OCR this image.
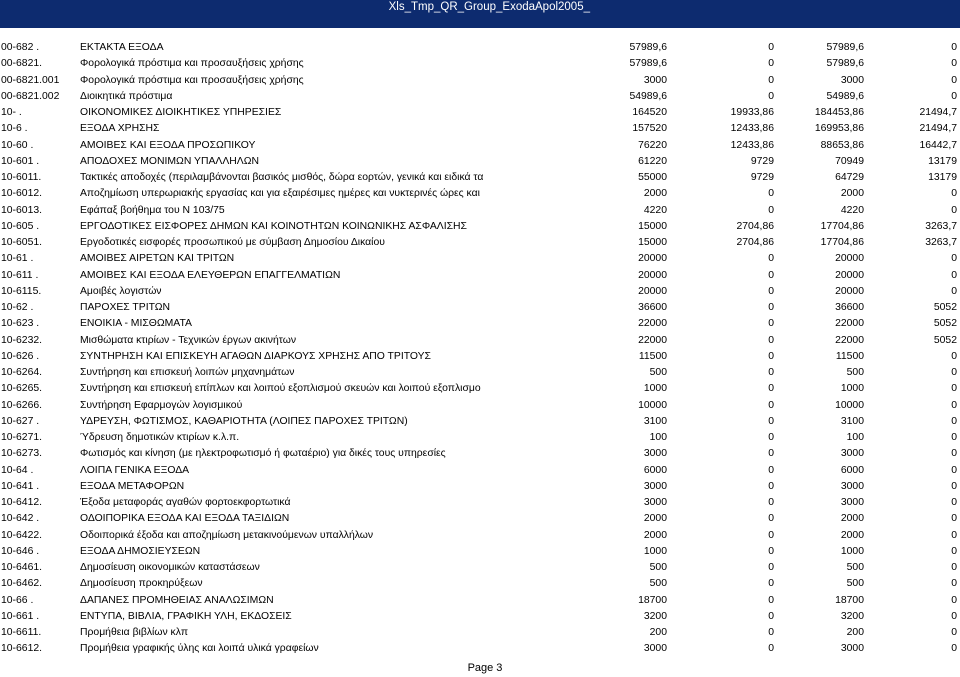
Xls_Tmp_QR_Group_ExodaApol2005_
00-682 .	ΕΚΤΑΚΤΑ ΕΞΟΔΑ	57989,6	0	57989,6	0
00-6821.	Φορολογικά πρόστιμα και προσαυξήσεις χρήσης	57989,6	0	57989,6	0
00-6821.001	Φορολογικά πρόστιμα και προσαυξήσεις χρήσης	3000	0	3000	0
00-6821.002	Διοικητικά πρόστιμα	54989,6	0	54989,6	0
10- .	ΟΙΚΟΝΟΜΙΚΕΣ ΔΙΟΙΚΗΤΙΚΕΣ ΥΠΗΡΕΣΙΕΣ	164520	19933,86	184453,86	21494,7
10-6 .	ΕΞΟΔΑ ΧΡΗΣΗΣ	157520	12433,86	169953,86	21494,7
10-60 .	ΑΜΟΙΒΕΣ ΚΑΙ ΕΞΟΔΑ ΠΡΟΣΩΠΙΚΟΥ	76220	12433,86	88653,86	16442,7
10-601 .	ΑΠΟΔΟΧΕΣ ΜΟΝΙΜΩΝ ΥΠΑΛΛΗΛΩΝ	61220	9729	70949	13179
10-6011.	Τακτικές αποδοχές (περιλαμβάνονται βασικός μισθός, δώρα εορτών, γενικά και ειδικά τα	55000	9729	64729	13179
10-6012.	Αποζημίωση υπερωριακής εργασίας και για εξαιρέσιμες ημέρες και νυκτερινές ώρες και	2000	0	2000	0
10-6013.	Εφάπαξ βοήθημα του Ν 103/75	4220	0	4220	0
10-605 .	ΕΡΓΟΔΟΤΙΚΕΣ ΕΙΣΦΟΡΕΣ ΔΗΜΩΝ ΚΑΙ ΚΟΙΝΟΤΗΤΩΝ ΚΟΙΝΩΝΙΚΗΣ ΑΣΦΑΛΙΣΗΣ	15000	2704,86	17704,86	3263,7
10-6051.	Εργοδοτικές εισφορές προσωπικού με σύμβαση Δημοσίου Δικαίου	15000	2704,86	17704,86	3263,7
10-61 .	ΑΜΟΙΒΕΣ ΑΙΡΕΤΩΝ ΚΑΙ ΤΡΙΤΩΝ	20000	0	20000	0
10-611 .	ΑΜΟΙΒΕΣ ΚΑΙ ΕΞΟΔΑ ΕΛΕΥΘΕΡΩΝ ΕΠΑΓΓΕΛΜΑΤΙΩΝ	20000	0	20000	0
10-6115.	Αμοιβές λογιστών	20000	0	20000	0
10-62 .	ΠΑΡΟΧΕΣ ΤΡΙΤΩΝ	36600	0	36600	5052
10-623 .	ΕΝΟΙΚΙΑ - ΜΙΣΘΩΜΑΤΑ	22000	0	22000	5052
10-6232.	Μισθώματα κτιρίων - Τεχνικών έργων ακινήτων	22000	0	22000	5052
10-626 .	ΣΥΝΤΗΡΗΣΗ ΚΑΙ ΕΠΙΣΚΕΥΗ ΑΓΑΘΩΝ ΔΙΑΡΚΟΥΣ ΧΡΗΣΗΣ ΑΠΟ ΤΡΙΤΟΥΣ	11500	0	11500	0
10-6264.	Συντήρηση και επισκευή λοιπών μηχανημάτων	500	0	500	0
10-6265.	Συντήρηση και επισκευή επίπλων και λοιπού εξοπλισμού σκευών και λοιπού εξοπλισμο	1000	0	1000	0
10-6266.	Συντήρηση Εφαρμογών λογισμικού	10000	0	10000	0
10-627 .	ΥΔΡΕΥΣΗ, ΦΩΤΙΣΜΟΣ, ΚΑΘΑΡΙΟΤΗΤΑ (ΛΟΙΠΕΣ ΠΑΡΟΧΕΣ ΤΡΙΤΩΝ)	3100	0	3100	0
10-6271.	Ύδρευση δημοτικών κτιρίων κ.λ.π.	100	0	100	0
10-6273.	Φωτισμός και κίνηση (με ηλεκτροφωτισμό ή φωταέριο) για δικές τους υπηρεσίες	3000	0	3000	0
10-64 .	ΛΟΙΠΑ ΓΕΝΙΚΑ ΕΞΟΔΑ	6000	0	6000	0
10-641 .	ΕΞΟΔΑ ΜΕΤΑΦΟΡΩΝ	3000	0	3000	0
10-6412.	Έξοδα μεταφοράς αγαθών φορτοεκφορτωτικά	3000	0	3000	0
10-642 .	ΟΔΟΙΠΟΡΙΚΑ ΕΞΟΔΑ ΚΑΙ ΕΞΟΔΑ ΤΑΞΙΔΙΩΝ	2000	0	2000	0
10-6422.	Οδοιπορικά έξοδα και αποζημίωση μετακινούμενων υπαλλήλων	2000	0	2000	0
10-646 .	ΕΞΟΔΑ ΔΗΜΟΣΙΕΥΣΕΩΝ	1000	0	1000	0
10-6461.	Δημοσίευση οικονομικών καταστάσεων	500	0	500	0
10-6462.	Δημοσίευση προκηρύξεων	500	0	500	0
10-66 .	ΔΑΠΑΝΕΣ ΠΡΟΜΗΘΕΙΑΣ ΑΝΑΛΩΣΙΜΩΝ	18700	0	18700	0
10-661 .	ΕΝΤΥΠΑ, ΒΙΒΛΙΑ, ΓΡΑΦΙΚΗ ΥΛΗ, ΕΚΔΟΣΕΙΣ	3200	0	3200	0
10-6611.	Προμήθεια βιβλίων κλπ	200	0	200	0
10-6612.	Προμήθεια γραφικής ύλης και λοιπά υλικά γραφείων	3000	0	3000	0
Page 3
